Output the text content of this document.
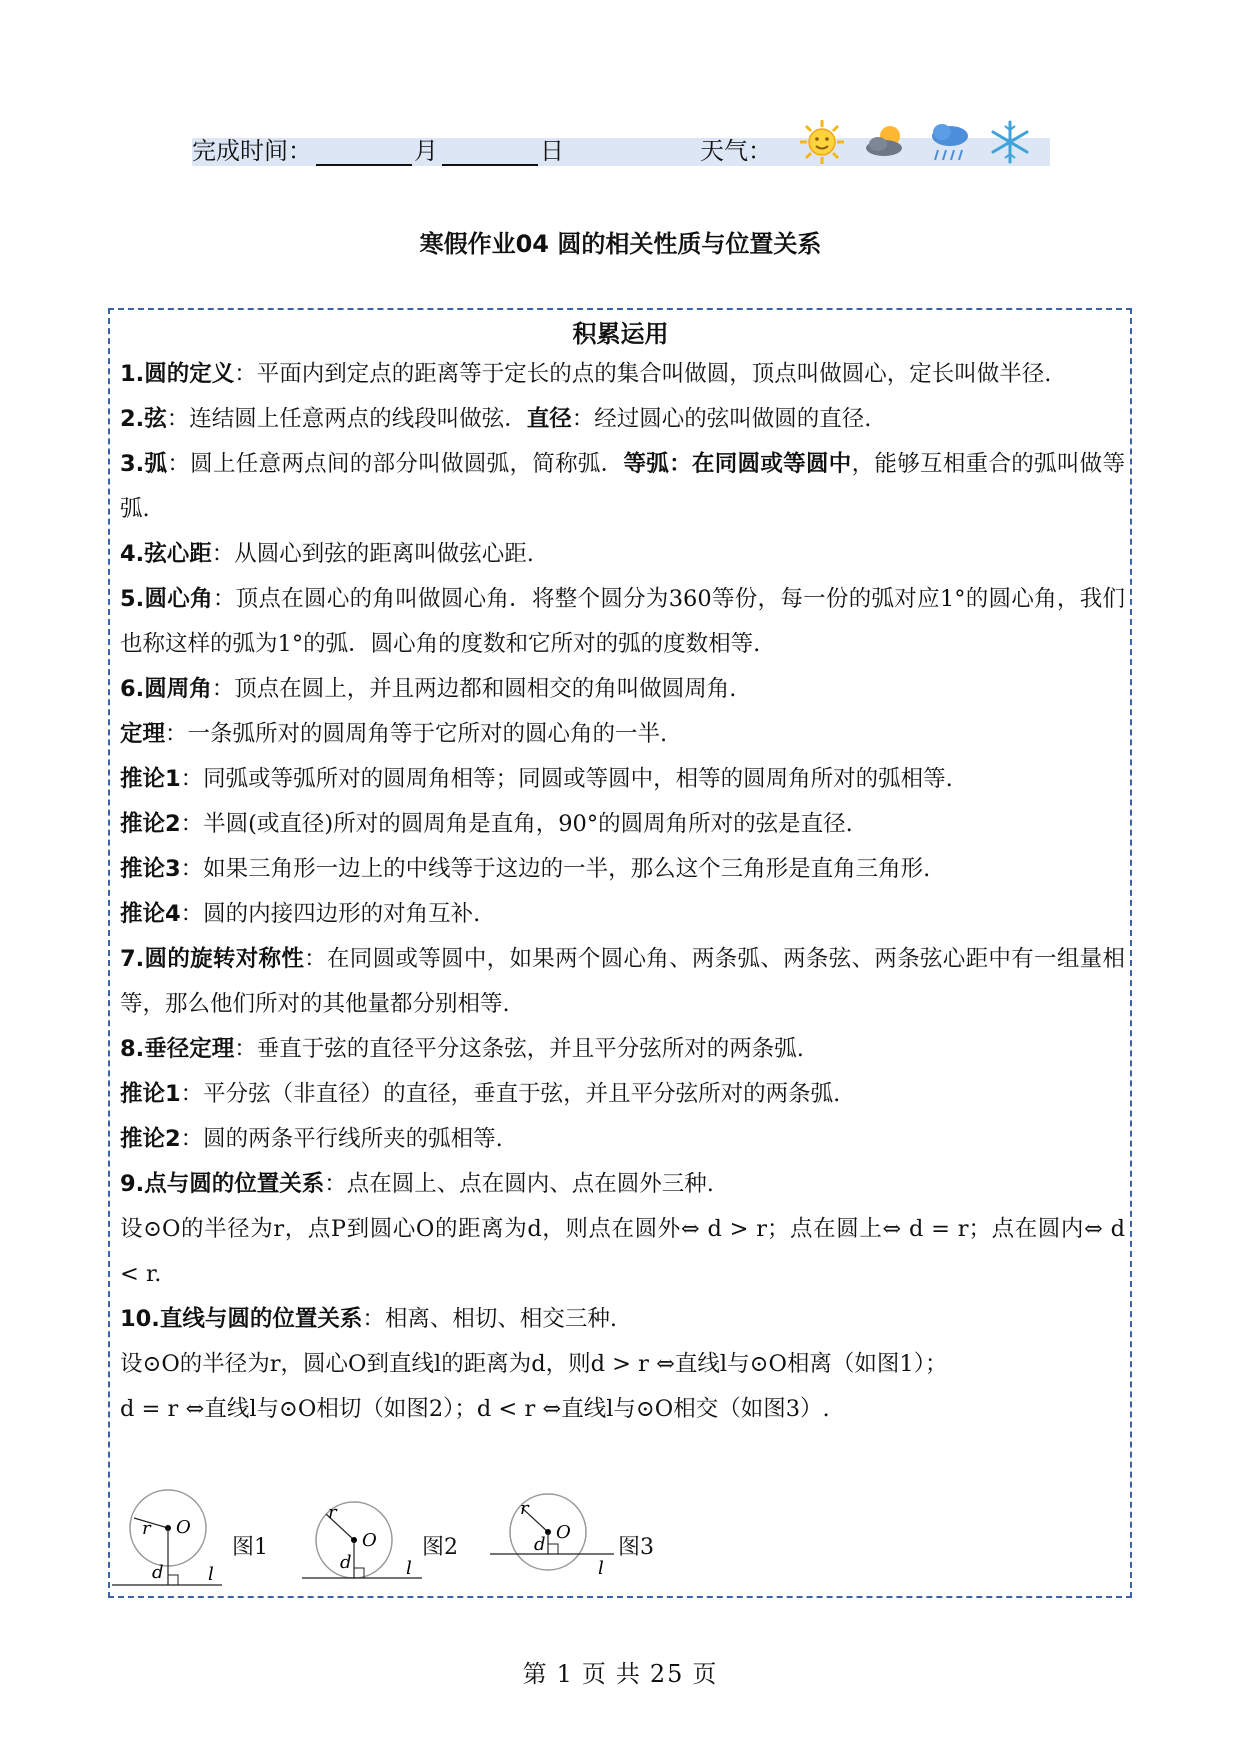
完成时间：	月	日	天气：
寒假作业04 圆的相关性质与位置关系
积累运用

1.圆的定义：平面内到定点的距离等于定长的点的集合叫做圆，顶点叫做圆心，定长叫做半径.

2.弦：连结圆上任意两点的线段叫做弦．直径：经过圆心的弦叫做圆的直径.

3.弧：圆上任意两点间的部分叫做圆弧，简称弧．等弧：在同圆或等圆中，能够互相重合的弧叫做等弧.

4.弦心距：从圆心到弦的距离叫做弦心距.

5.圆心角：顶点在圆心的角叫做圆心角．将整个圆分为360等份，每一份的弧对应1°的圆心角，我们也称这样的弧为1°的弧．圆心角的度数和它所对的弧的度数相等.

6.圆周角：顶点在圆上，并且两边都和圆相交的角叫做圆周角.

定理：一条弧所对的圆周角等于它所对的圆心角的一半.

推论1：同弧或等弧所对的圆周角相等；同圆或等圆中，相等的圆周角所对的弧相等.

推论2：半圆(或直径)所对的圆周角是直角，90°的圆周角所对的弦是直径.

推论3：如果三角形一边上的中线等于这边的一半，那么这个三角形是直角三角形.

推论4：圆的内接四边形的对角互补.

7.圆的旋转对称性：在同圆或等圆中，如果两个圆心角、两条弧、两条弦、两条弦心距中有一组量相等，那么他们所对的其他量都分别相等.

8.垂径定理：垂直于弦的直径平分这条弦，并且平分弦所对的两条弧.

推论1：平分弦（非直径）的直径，垂直于弦，并且平分弦所对的两条弧.

推论2：圆的两条平行线所夹的弧相等.

9.点与圆的位置关系：点在圆上、点在圆内、点在圆外三种.

设⊙O的半径为r，点P到圆心O的距离为d，则点在圆外⇔ d > r；点在圆上⇔ d = r；点在圆内⇔ d < r.

10.直线与圆的位置关系：相离、相切、相交三种.

设⊙O的半径为r，圆心O到直线l的距离为d，则d > r ⇔直线l与⊙O相离（如图1）；

d = r ⇔直线l与⊙O相切（如图2）；d < r ⇔直线l与⊙O相交（如图3）.

r O
d l
图1
r
O
d	l
图2
r
O
d
l
图3
第 1 页 共 25 页
